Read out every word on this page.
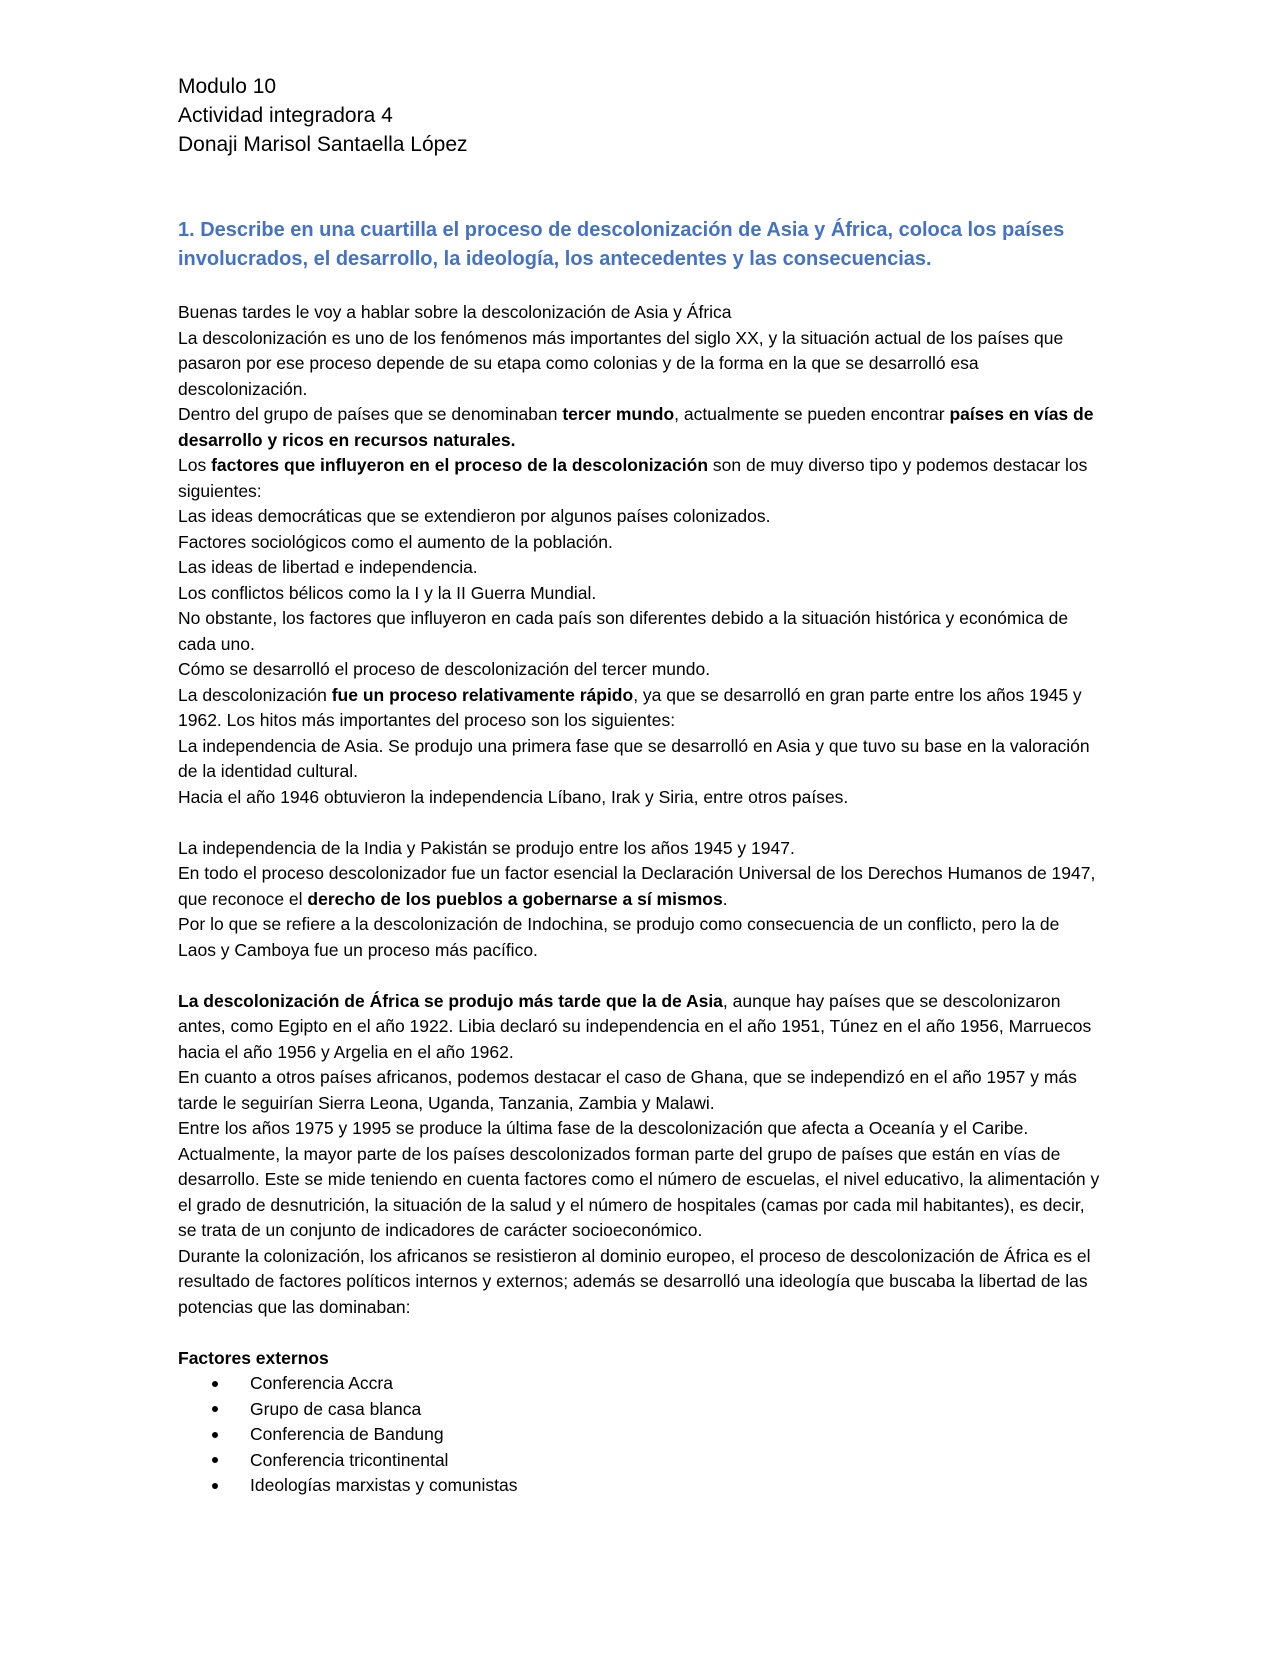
Modulo 10

Actividad integradora 4

Donaji Marisol Santaella López

1. Describe en una cuartilla el proceso de descolonización de Asia y África, coloca los países involucrados, el desarrollo, la ideología, los antecedentes y las consecuencias.

Buenas tardes le voy a hablar sobre la descolonización de Asia y África

La descolonización es uno de los fenómenos más importantes del siglo XX, y la situación actual de los países que pasaron por ese proceso depende de su etapa como colonias y de la forma en la que se desarrolló esa descolonización.

Dentro del grupo de países que se denominaban tercer mundo, actualmente se pueden encontrar países en vías de desarrollo y ricos en recursos naturales.

Los factores que influyeron en el proceso de la descolonización son de muy diverso tipo y podemos destacar los siguientes:

Las ideas democráticas que se extendieron por algunos países colonizados.

Factores sociológicos como el aumento de la población.

Las ideas de libertad e independencia.

Los conflictos bélicos como la I y la II Guerra Mundial.

No obstante, los factores que influyeron en cada país son diferentes debido a la situación histórica y económica de cada uno.

Cómo se desarrolló el proceso de descolonización del tercer mundo.

La descolonización fue un proceso relativamente rápido, ya que se desarrolló en gran parte entre los años 1945 y 1962. Los hitos más importantes del proceso son los siguientes:

La independencia de Asia. Se produjo una primera fase que se desarrolló en Asia y que tuvo su base en la valoración de la identidad cultural.

Hacia el año 1946 obtuvieron la independencia Líbano, Irak y Siria, entre otros países.

La independencia de la India y Pakistán se produjo entre los años 1945 y 1947.

En todo el proceso descolonizador fue un factor esencial la Declaración Universal de los Derechos Humanos de 1947, que reconoce el derecho de los pueblos a gobernarse a sí mismos.

Por lo que se refiere a la descolonización de Indochina, se produjo como consecuencia de un conflicto, pero la de Laos y Camboya fue un proceso más pacífico.

La descolonización de África se produjo más tarde que la de Asia, aunque hay países que se descolonizaron antes, como Egipto en el año 1922. Libia declaró su independencia en el año 1951, Túnez en el año 1956, Marruecos hacia el año 1956 y Argelia en el año 1962.

En cuanto a otros países africanos, podemos destacar el caso de Ghana, que se independizó en el año 1957 y más tarde le seguirían Sierra Leona, Uganda, Tanzania, Zambia y Malawi.

Entre los años 1975 y 1995 se produce la última fase de la descolonización que afecta a Oceanía y el Caribe.

Actualmente, la mayor parte de los países descolonizados forman parte del grupo de países que están en vías de desarrollo. Este se mide teniendo en cuenta factores como el número de escuelas, el nivel educativo, la alimentación y el grado de desnutrición, la situación de la salud y el número de hospitales (camas por cada mil habitantes), es decir, se trata de un conjunto de indicadores de carácter socioeconómico.

Durante la colonización, los africanos se resistieron al dominio europeo, el proceso de descolonización de África es el resultado de factores políticos internos y externos; además se desarrolló una ideología que buscaba la libertad de las potencias que las dominaban:

Factores externos

Conferencia Accra
Grupo de casa blanca
Conferencia de Bandung
Conferencia tricontinental
Ideologías marxistas y comunistas
